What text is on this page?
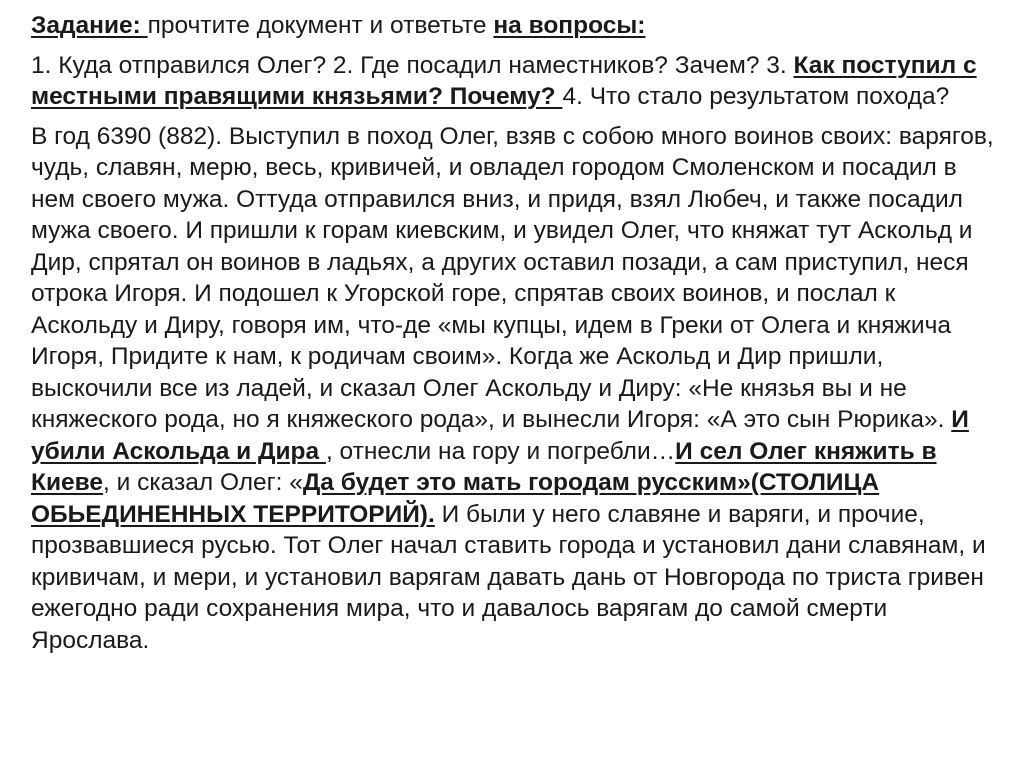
Задание: прочтите документ и ответьте на вопросы:

1. Куда отправился Олег? 2. Где посадил наместников? Зачем? 3. Как поступил с местными правящими князьями? Почему? 4. Что стало результатом похода?

В год 6390 (882). Выступил в поход Олег, взяв с собою много воинов своих: варягов, чудь, славян, мерю, весь, кривичей, и овладел городом Смоленском и посадил в нем своего мужа. Оттуда отправился вниз, и придя, взял Любеч, и также посадил мужа своего. И пришли к горам киевским, и увидел Олег, что княжат тут Аскольд и Дир, спрятал он воинов в ладьях, а других оставил позади, а сам приступил, неся отрока Игоря. И подошел к Угорской горе, спрятав своих воинов, и послал к Аскольду и Диру, говоря им, что-де «мы купцы, идем в Греки от Олега и княжича Игоря, Придите к нам, к родичам своим». Когда же Аскольд и Дир пришли, выскочили все из ладей, и сказал Олег Аскольду и Диру: «Не князья вы и не княжеского рода, но я княжеского рода», и вынесли Игоря: «А это сын Рюрика». И убили Аскольда и Дира , отнесли на гору и погребли…И сел Олег княжить в Киеве, и сказал Олег: «Да будет это мать городам русским»(СТОЛИЦА ОБЬЕДИНЕННЫХ ТЕРРИТОРИЙ). И были у него славяне и варяги, и прочие, прозвавшиеся русью. Тот Олег начал ставить города и установил дани славянам, и кривичам, и мери, и установил варягам давать дань от Новгорода по триста гривен ежегодно ради сохранения мира, что и давалось варягам до самой смерти Ярослава.
